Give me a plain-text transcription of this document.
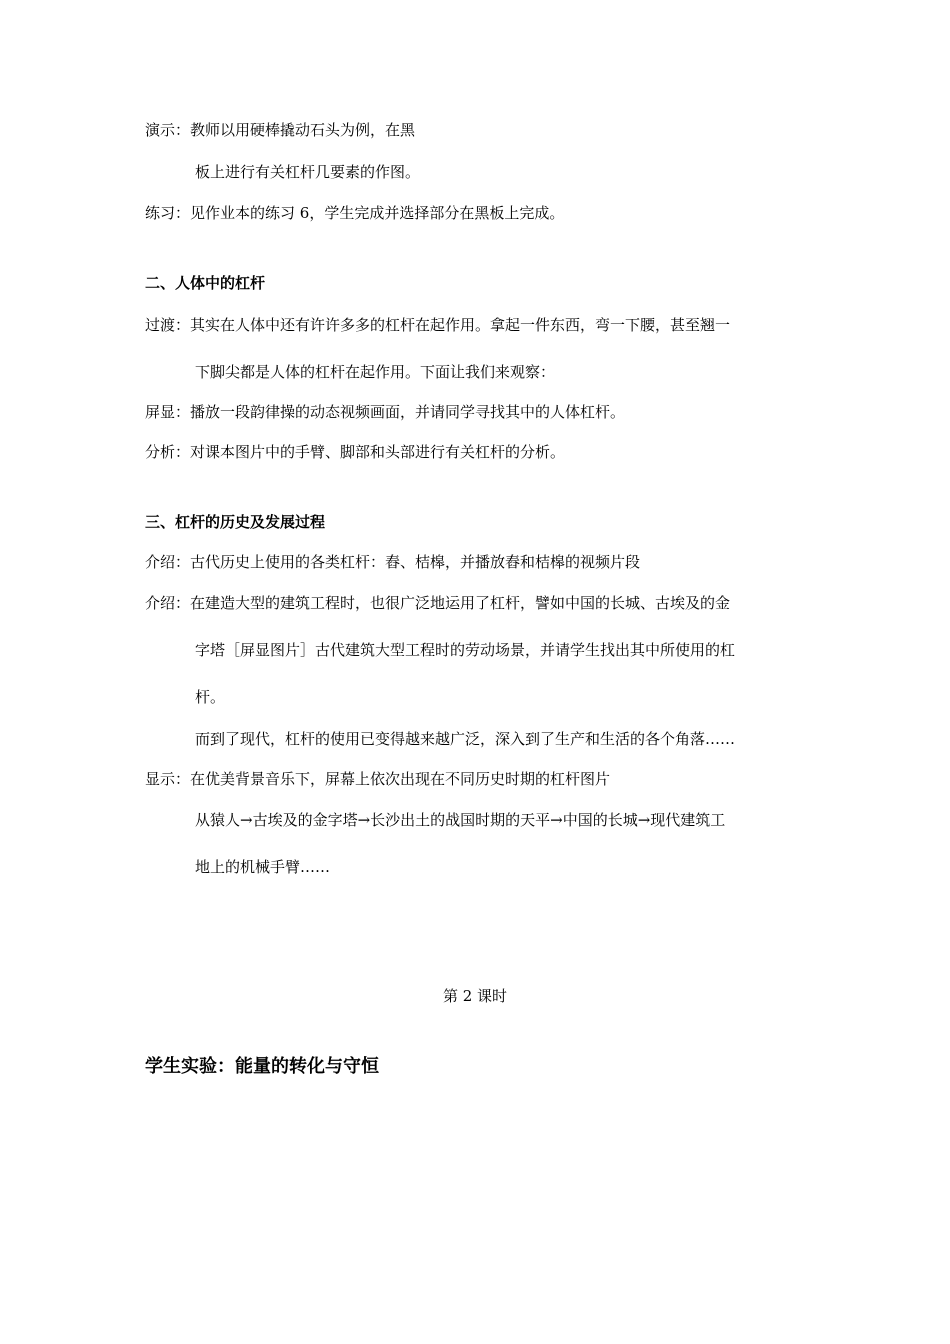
演示：教师以用硬棒撬动石头为例，在黑
板上进行有关杠杆几要素的作图。
练习：见作业本的练习 6，学生完成并选择部分在黑板上完成。
二、人体中的杠杆
过渡：其实在人体中还有许许多多的杠杆在起作用。拿起一件东西，弯一下腰，甚至翘一
下脚尖都是人体的杠杆在起作用。下面让我们来观察：
屏显：播放一段韵律操的动态视频画面，并请同学寻找其中的人体杠杆。
分析：对课本图片中的手臂、脚部和头部进行有关杠杆的分析。
三、杠杆的历史及发展过程
介绍：古代历史上使用的各类杠杆：舂、桔槔，并播放舂和桔槔的视频片段
介绍：在建造大型的建筑工程时，也很广泛地运用了杠杆，譬如中国的长城、古埃及的金
字塔［屏显图片］古代建筑大型工程时的劳动场景，并请学生找出其中所使用的杠
杆。
而到了现代，杠杆的使用已变得越来越广泛，深入到了生产和生活的各个角落……
显示：在优美背景音乐下，屏幕上依次出现在不同历史时期的杠杆图片
从猿人→古埃及的金字塔→长沙出土的战国时期的天平→中国的长城→现代建筑工
地上的机械手臂……
第 2 课时
学生实验：能量的转化与守恒
